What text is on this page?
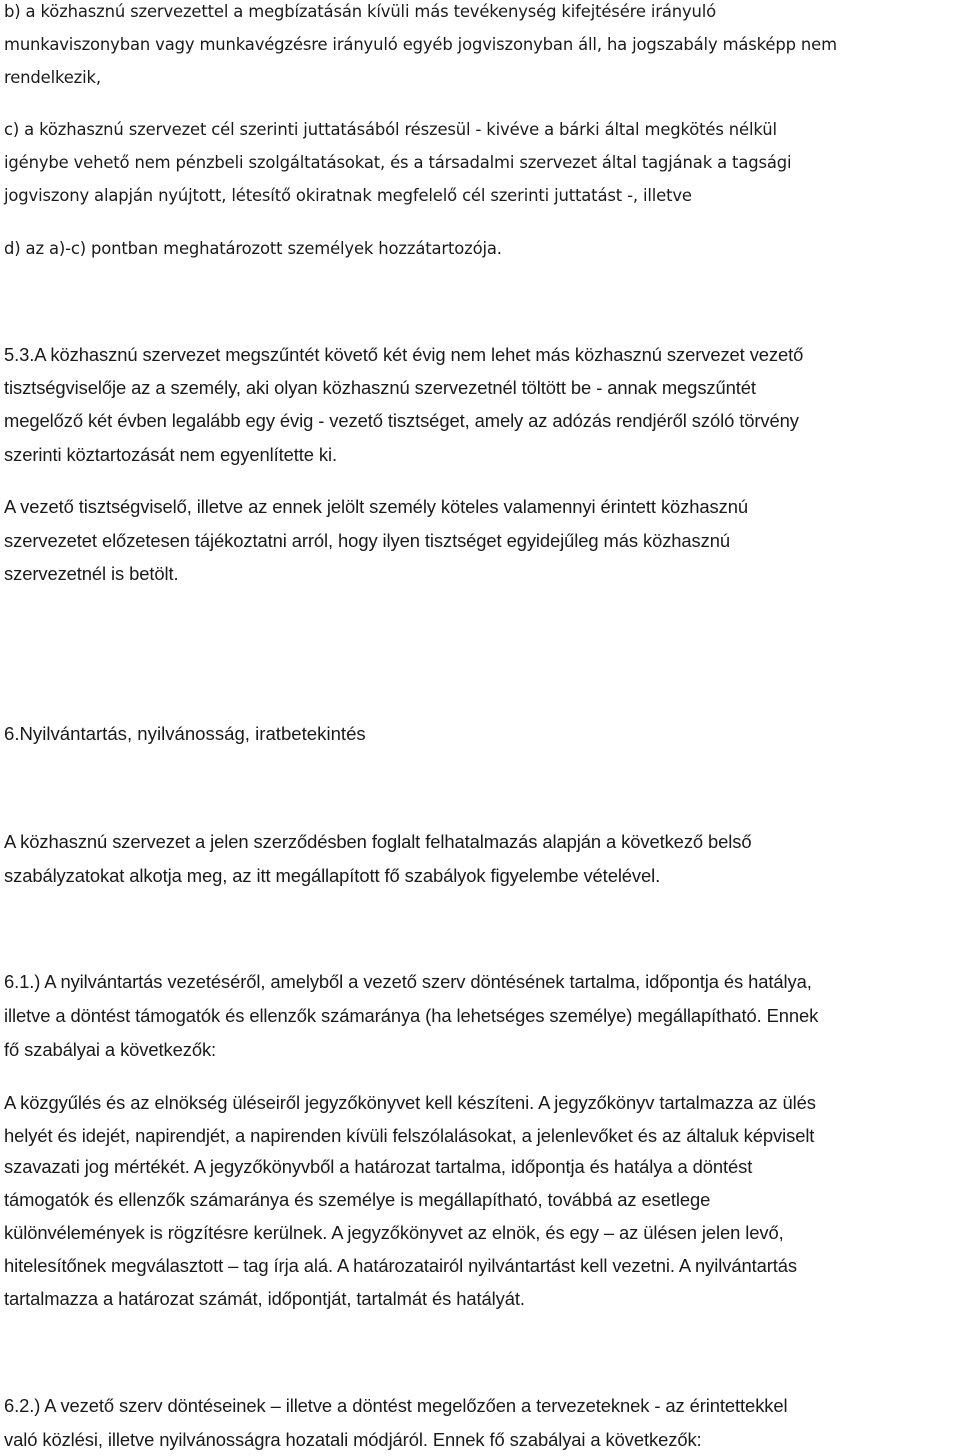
b) a közhasznú szervezettel a megbízatásán kívüli más tevékenység kifejtésére irányuló

munkaviszonyban vagy munkavégzésre irányuló egyéb jogviszonyban áll, ha jogszabály másképp nem

rendelkezik,

c) a közhasznú szervezet cél szerinti juttatásából részesül - kivéve a bárki által megkötés nélkül

igénybe vehető nem pénzbeli szolgáltatásokat, és a társadalmi szervezet által tagjának a tagsági

jogviszony alapján nyújtott, létesítő okiratnak megfelelő cél szerinti juttatást -, illetve

d) az a)-c) pontban meghatározott személyek hozzátartozója.

5.3.A közhasznú szervezet megszűntét követő két évig nem lehet más közhasznú szervezet vezető

tisztségviselője az a személy, aki olyan közhasznú szervezetnél töltött be - annak megszűntét

megelőző két évben legalább egy évig - vezető tisztséget, amely az adózás rendjéről szóló törvény

szerinti köztartozását nem egyenlítette ki.

A vezető tisztségviselő, illetve az ennek jelölt személy köteles valamennyi érintett közhasznú

szervezetet előzetesen tájékoztatni arról, hogy ilyen tisztséget egyidejűleg más közhasznú

szervezetnél is betölt.

6.Nyilvántartás, nyilvánosság, iratbetekintés

A közhasznú szervezet a jelen szerződésben foglalt felhatalmazás alapján a következő belső

szabályzatokat alkotja meg, az itt megállapított fő szabályok figyelembe vételével.

6.1.) A nyilvántartás vezetéséről, amelyből a vezető szerv döntésének tartalma, időpontja és hatálya,

illetve a döntést támogatók és ellenzők számaránya (ha lehetséges személye) megállapítható. Ennek

fő szabályai a következők:

A közgyűlés és az elnökség üléseiről jegyzőkönyvet kell készíteni. A jegyzőkönyv tartalmazza az ülés

helyét és idejét, napirendjét, a napirenden kívüli felszólalásokat, a jelenlevőket és az általuk képviselt

szavazati jog mértékét. A jegyzőkönyvből a határozat tartalma, időpontja és hatálya a döntést

támogatók és ellenzők számaránya és személye is megállapítható, továbbá az esetlege

különvélemények is rögzítésre kerülnek. A jegyzőkönyvet az elnök, és egy – az ülésen jelen levő,

hitelesítőnek megválasztott – tag írja alá. A határozatairól nyilvántartást kell vezetni. A nyilvántartás

tartalmazza a határozat számát, időpontját, tartalmát és hatályát.

6.2.) A vezető szerv döntéseinek – illetve a döntést megelőzően a tervezeteknek - az érintettekkel

való közlési, illetve nyilvánosságra hozatali módjáról. Ennek fő szabályai a következők:
